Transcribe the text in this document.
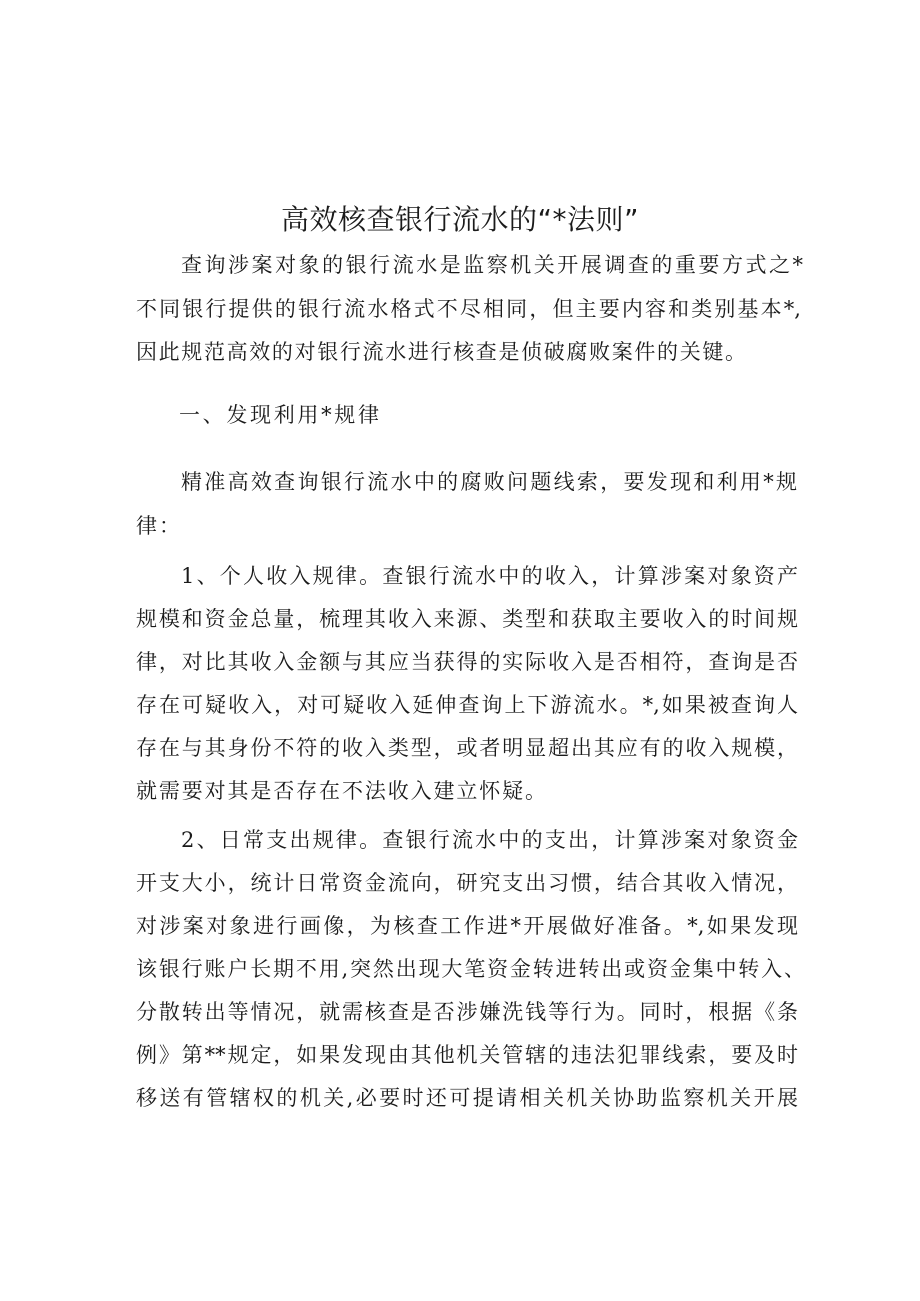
高效核查银行流水的“*法则”
查询涉案对象的银行流水是监察机关开展调查的重要方式之*
不同银行提供的银行流水格式不尽相同，但主要内容和类别基本*,
因此规范高效的对银行流水进行核查是侦破腐败案件的关键。
一、发现利用*规律
精准高效查询银行流水中的腐败问题线索，要发现和利用*规
律：
1、个人收入规律。查银行流水中的收入，计算涉案对象资产
规模和资金总量，梳理其收入来源、类型和获取主要收入的时间规
律，对比其收入金额与其应当获得的实际收入是否相符，查询是否
存在可疑收入，对可疑收入延伸查询上下游流水。*,如果被查询人
存在与其身份不符的收入类型，或者明显超出其应有的收入规模，
就需要对其是否存在不法收入建立怀疑。
2、日常支出规律。查银行流水中的支出，计算涉案对象资金
开支大小，统计日常资金流向，研究支出习惯，结合其收入情况，
对涉案对象进行画像，为核查工作进*开展做好准备。*,如果发现
该银行账户长期不用,突然出现大笔资金转进转出或资金集中转入、
分散转出等情况，就需核查是否涉嫌洗钱等行为。同时，根据《条
例》第**规定，如果发现由其他机关管辖的违法犯罪线索，要及时
移送有管辖权的机关,必要时还可提请相关机关协助监察机关开展
